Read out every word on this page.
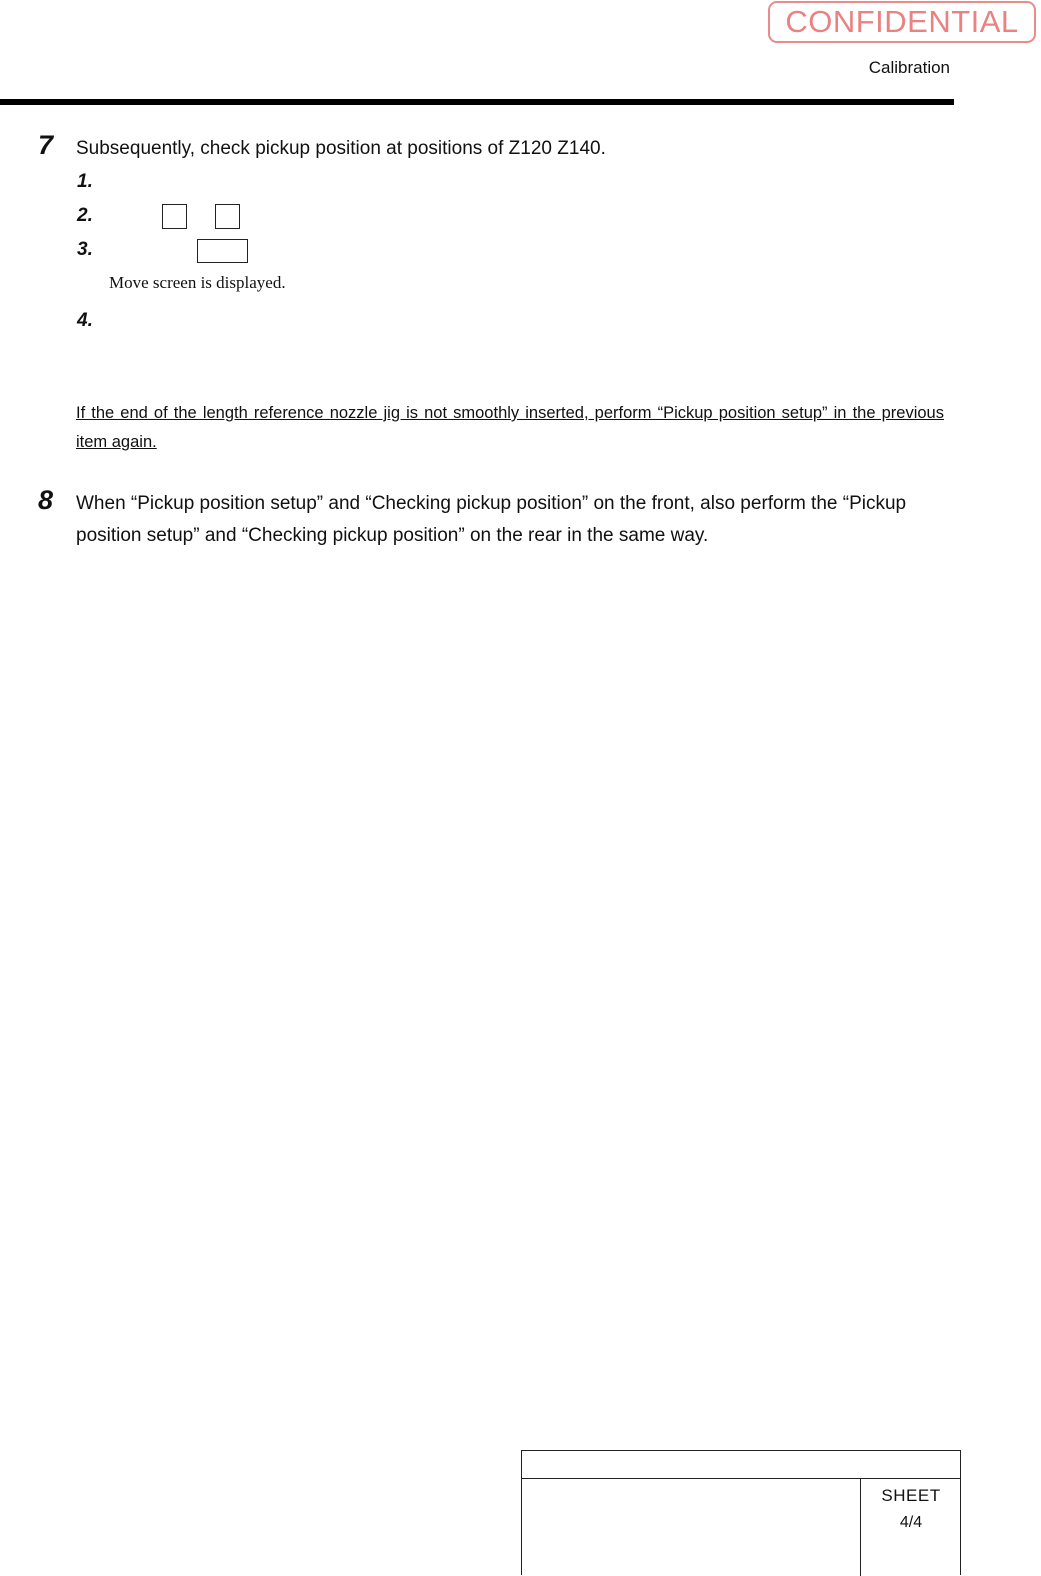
CONFIDENTIAL
Calibration
7 Subsequently, check pickup position at positions of Z120 Z140.
1.
2.
3.
Move screen is displayed.
4.
If the end of the length reference nozzle jig is not smoothly inserted, perform “Pickup position setup” in the previous item again.
8 When “Pickup position setup” and “Checking pickup position” on the front, also perform the “Pickup position setup” and “Checking pickup position” on the rear in the same way.
SHEET
4/4
